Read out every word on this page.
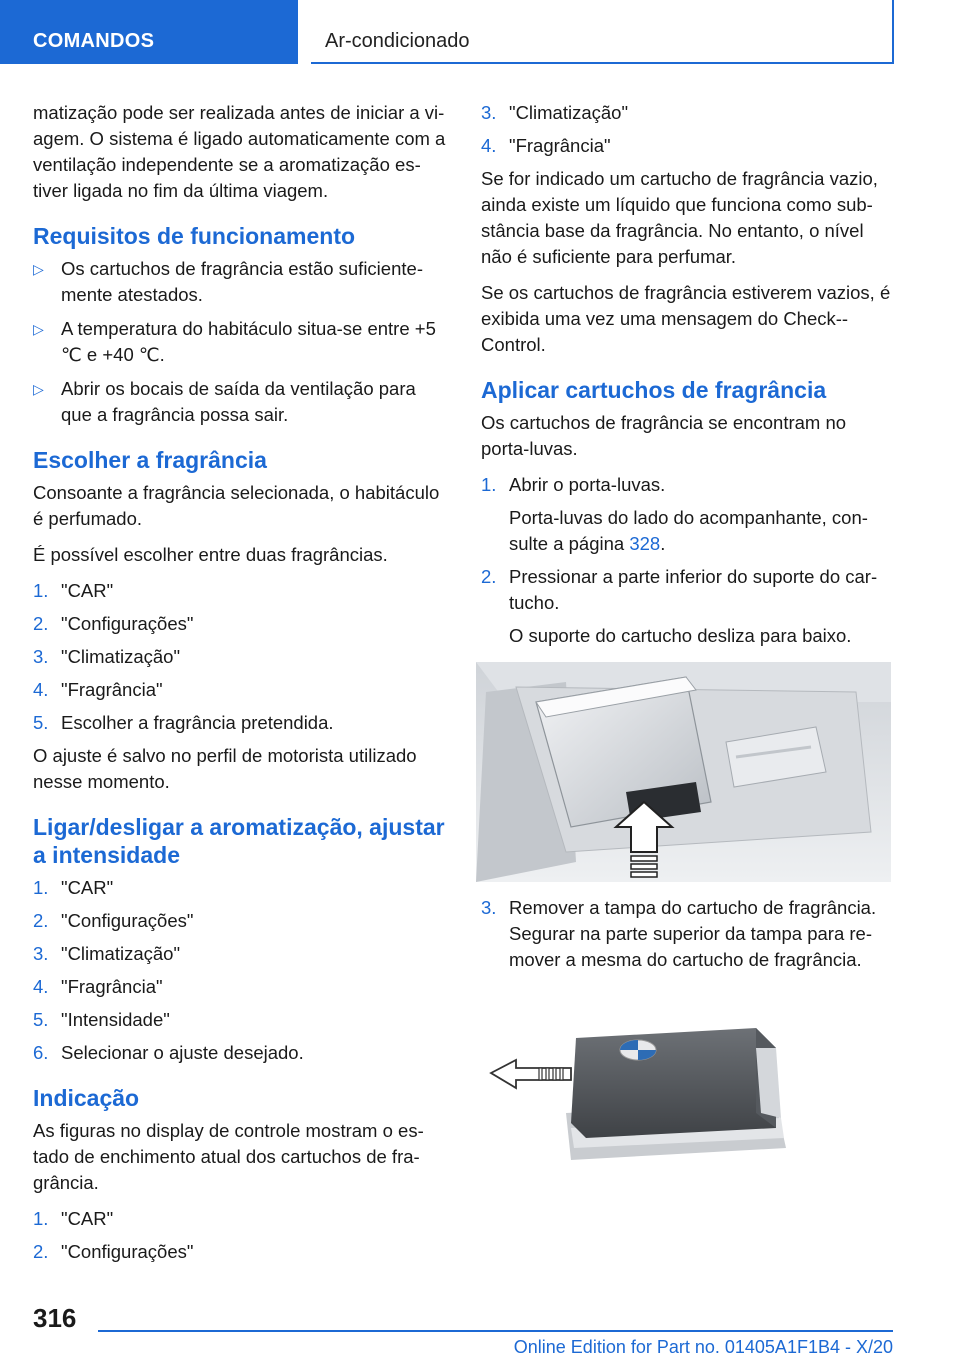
COMANDOS	Ar-condicionado

matização pode ser realizada antes de iniciar a viagem. O sistema é ligado automaticamente com a ventilação independente se a aromatização estiver ligada no fim da última viagem.

Requisitos de funcionamento
▷ Os cartuchos de fragrância estão suficientemente atestados.
▷ A temperatura do habitáculo situa-se entre +5 ℃ e +40 ℃.
▷ Abrir os bocais de saída da ventilação para que a fragrância possa sair.
Escolher a fragrância

Consoante a fragrância selecionada, o habitáculo é perfumado.

É possível escolher entre duas fragrâncias.

1. "CAR"
2. "Configurações"
3. "Climatização"
4. "Fragrância"
5. Escolher a fragrância pretendida.

O ajuste é salvo no perfil de motorista utilizado nesse momento.

Ligar/desligar a aromatização, ajustar a intensidade
1. "CAR"
2. "Configurações"
3. "Climatização"
4. "Fragrância"
5. "Intensidade"
6. Selecionar o ajuste desejado.
Indicação

As figuras no display de controle mostram o estado de enchimento atual dos cartuchos de fragrância.

1. "CAR"
2. "Configurações"
3. "Climatização"
4. "Fragrância"

Se for indicado um cartucho de fragrância vazio, ainda existe um líquido que funciona como substância base da fragrância. No entanto, o nível não é suficiente para perfumar.

Se os cartuchos de fragrância estiverem vazios, é exibida uma vez uma mensagem do Check-Control.

Aplicar cartuchos de fragrância

Os cartuchos de fragrância se encontram no porta-luvas.

1. Abrir o porta-luvas.
Porta-luvas do lado do acompanhante, consulte a página 328.
2. Pressionar a parte inferior do suporte do cartucho.
O suporte do cartucho desliza para baixo.
3. Remover a tampa do cartucho de fragrância. Segurar na parte superior da tampa para remover a mesma do cartucho de fragrância.
316
Online Edition for Part no. 01405A1F1B4 - X/20
